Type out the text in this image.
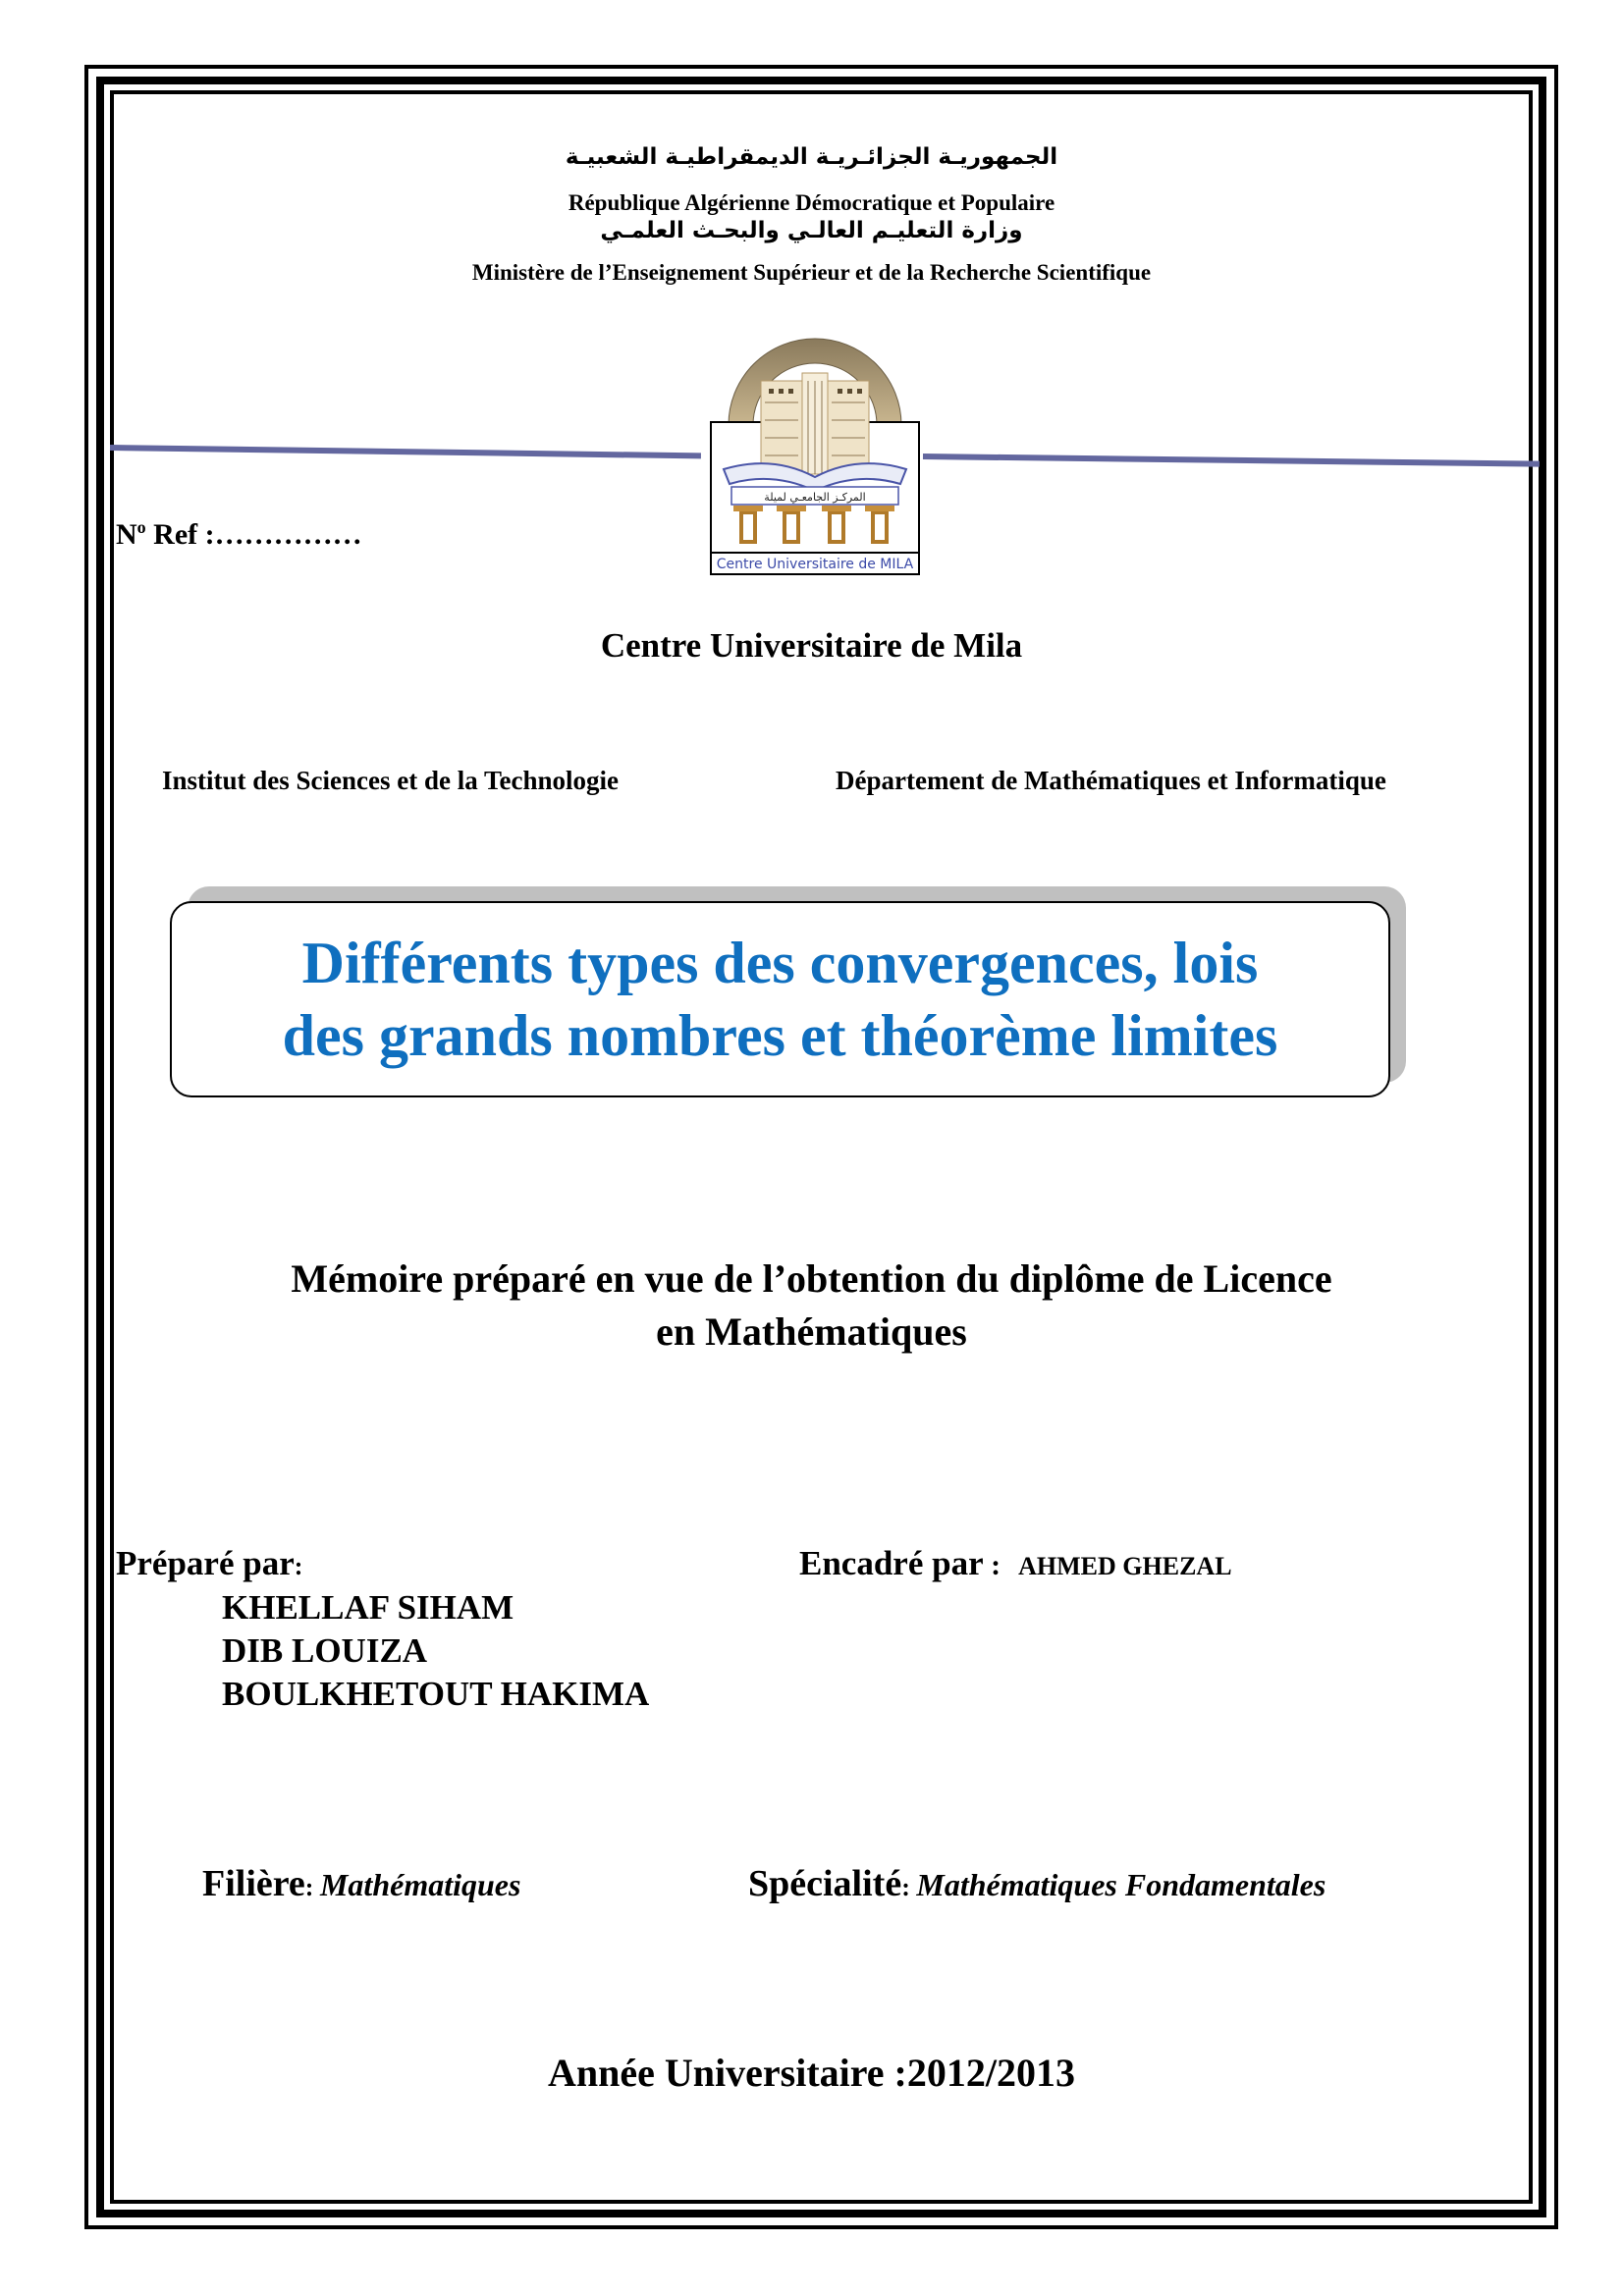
الجمهوريـة الجزائـريـة الديمقراطيـة الشعبيـة
République Algérienne Démocratique et Populaire
وزارة التعليـم العالـي والبحـث العلمـي
Ministère de l’Enseignement Supérieur et de la Recherche Scientifique
المركـز الجامعـي لميلة
Centre Universitaire de MILA
$N^o$ Ref :……………
Centre Universitaire de Mila
Institut des Sciences et de la Technologie	Département de Mathématiques et Informatique
Différents types des convergences, lois
des grands nombres et théorème limites
Mémoire préparé en vue de l’obtention du diplôme de Licence
en Mathématiques
Préparé par:
KHELLAF SIHAM
DIB LOUIZA
BOULKHETOUT HAKIMA
Encadré par : AHMED GHEZAL
Filière: Mathématiques	Spécialité: Mathématiques Fondamentales
Année Universitaire :2012/2013
